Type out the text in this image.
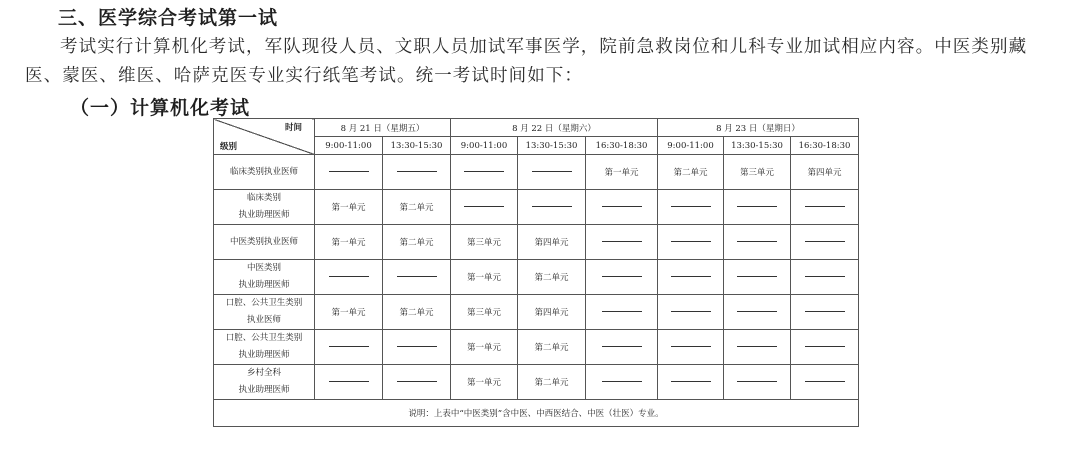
三、医学综合考试第一试

考试实行计算机化考试，军队现役人员、文职人员加试军事医学，院前急救岗位和儿科专业加试相应内容。中医类别藏医、蒙医、维医、哈萨克医专业实行纸笔考试。统一考试时间如下：

（一）计算机化考试
时间
级别	8 月 21 日（星期五）		8 月 22 日（星期六）			8 月 23 日（星期日）		
	9:00-11:00	13:30-15:30	9:00-11:00	13:30-15:30	16:30-18:30	9:00-11:00	13:30-15:30	16:30-18:30

临床类别执业医师					第一单元	第二单元	第三单元	第四单元

临床类别
执业助理医师	第一单元	第二单元						

中医类别执业医师	第一单元	第二单元	第三单元	第四单元				

中医类别
执业助理医师			第一单元	第二单元				

口腔、公共卫生类别
执业医师	第一单元	第二单元	第三单元	第四单元				

口腔、公共卫生类别
执业助理医师			第一单元	第二单元				

乡村全科
执业助理医师			第一单元	第二单元				
说明：上表中“中医类别”含中医、中西医结合、中医（壮医）专业。								
